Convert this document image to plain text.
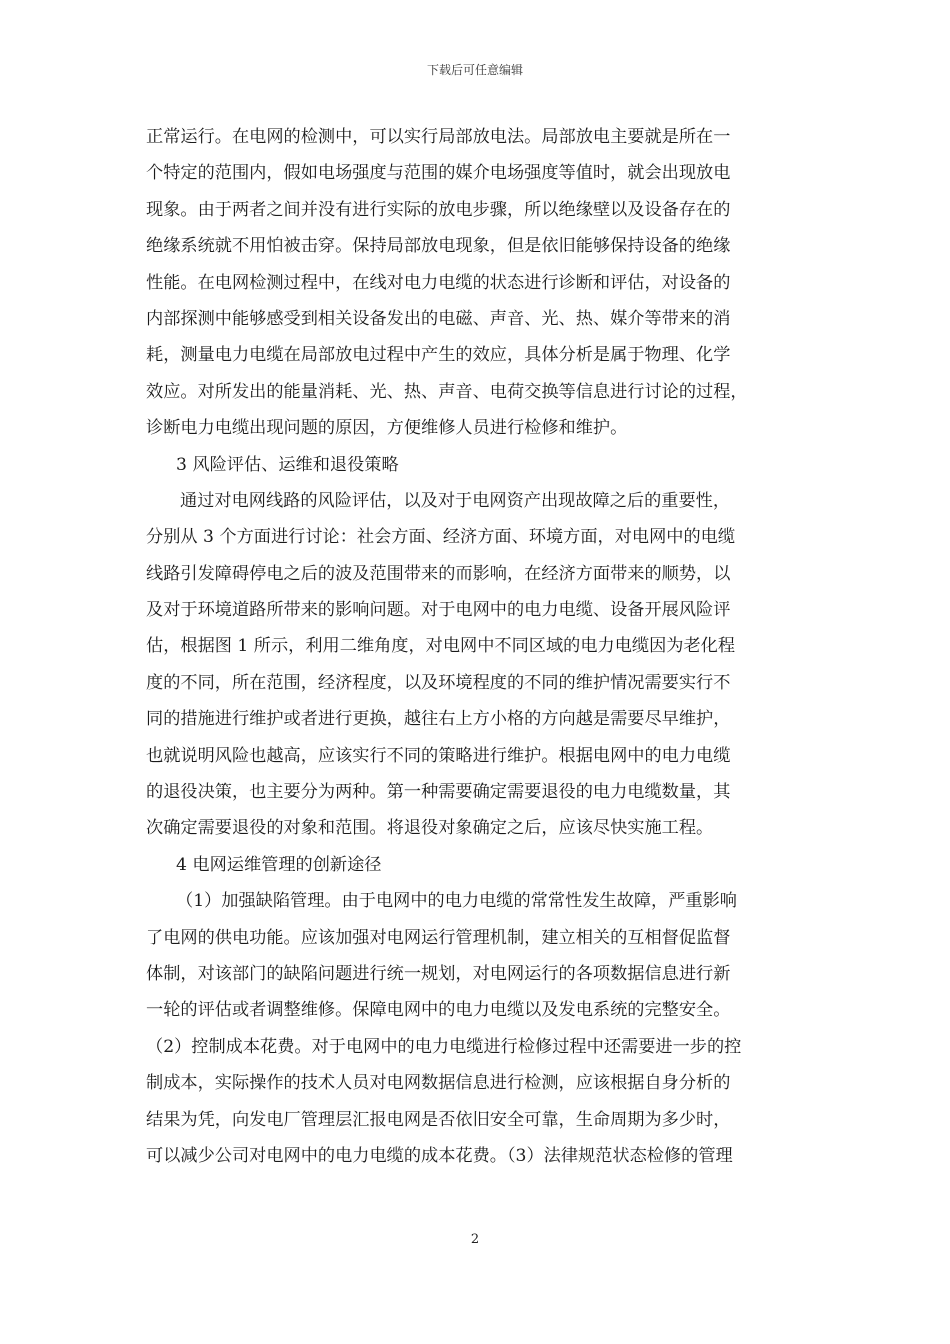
下载后可任意编辑
正常运行。在电网的检测中，可以实行局部放电法。局部放电主要就是所在一
个特定的范围内，假如电场强度与范围的媒介电场强度等值时，就会出现放电
现象。由于两者之间并没有进行实际的放电步骤，所以绝缘壁以及设备存在的
绝缘系统就不用怕被击穿。保持局部放电现象，但是依旧能够保持设备的绝缘
性能。在电网检测过程中，在线对电力电缆的状态进行诊断和评估，对设备的
内部探测中能够感受到相关设备发出的电磁、声音、光、热、媒介等带来的消
耗，测量电力电缆在局部放电过程中产生的效应，具体分析是属于物理、化学
效应。对所发出的能量消耗、光、热、声音、电荷交换等信息进行讨论的过程，
诊断电力电缆出现问题的原因，方便维修人员进行检修和维护。
3 风险评估、运维和退役策略
通过对电网线路的风险评估，以及对于电网资产出现故障之后的重要性，
分别从 3 个方面进行讨论：社会方面、经济方面、环境方面，对电网中的电缆
线路引发障碍停电之后的波及范围带来的而影响，在经济方面带来的顺势，以
及对于环境道路所带来的影响问题。对于电网中的电力电缆、设备开展风险评
估，根据图 1 所示，利用二维角度，对电网中不同区域的电力电缆因为老化程
度的不同，所在范围，经济程度，以及环境程度的不同的维护情况需要实行不
同的措施进行维护或者进行更换，越往右上方小格的方向越是需要尽早维护，
也就说明风险也越高，应该实行不同的策略进行维护。根据电网中的电力电缆
的退役决策，也主要分为两种。第一种需要确定需要退役的电力电缆数量，其
次确定需要退役的对象和范围。将退役对象确定之后，应该尽快实施工程。
4 电网运维管理的创新途径
（1）加强缺陷管理。由于电网中的电力电缆的常常性发生故障，严重影响
了电网的供电功能。应该加强对电网运行管理机制，建立相关的互相督促监督
体制，对该部门的缺陷问题进行统一规划，对电网运行的各项数据信息进行新
一轮的评估或者调整维修。保障电网中的电力电缆以及发电系统的完整安全。
（2）控制成本花费。对于电网中的电力电缆进行检修过程中还需要进一步的控
制成本，实际操作的技术人员对电网数据信息进行检测，应该根据自身分析的
结果为凭，向发电厂管理层汇报电网是否依旧安全可靠，生命周期为多少时，
可以减少公司对电网中的电力电缆的成本花费。（3）法律规范状态检修的管理
2
